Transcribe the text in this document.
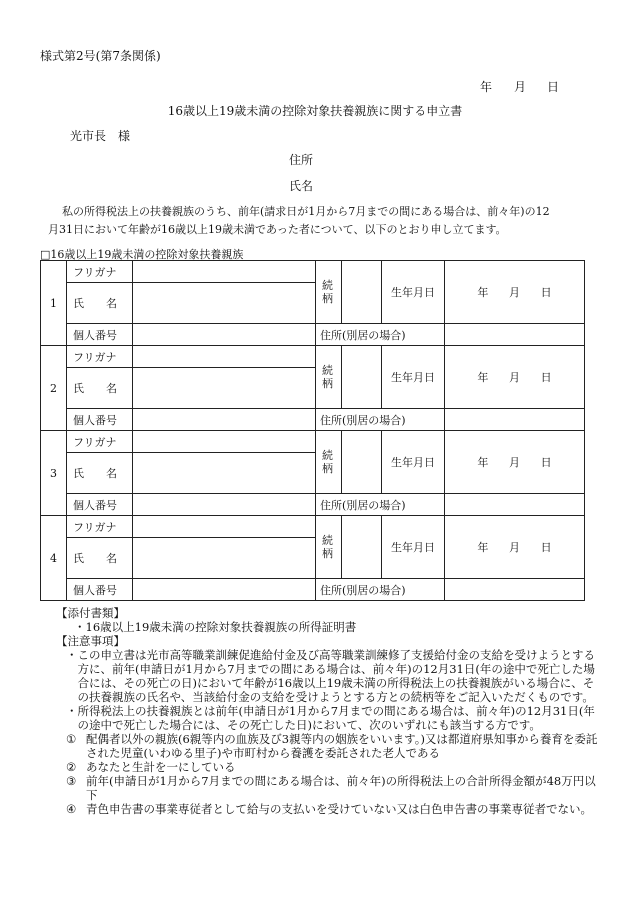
様式第2号(第7条関係)
年 月 日
16歳以上19歳未満の控除対象扶養親族に関する申立書
光市長　様
住所
氏名
私の所得税法上の扶養親族のうち、前年(請求日が1月から7月までの間にある場合は、前々年)の12
月31日において年齢が16歳以上19歳未満であった者について、以下のとおり申し立てます。
□16歳以上19歳未満の控除対象扶養親族
1	フリガナ		続柄		生年月日	年 月 日

	氏　　名					

	個人番号		住所(別居の場合)			
2	フリガナ		続柄		生年月日	年 月 日

	氏　　名					

	個人番号		住所(別居の場合)			
3	フリガナ		続柄		生年月日	年 月 日

	氏　　名					

	個人番号		住所(別居の場合)			
4	フリガナ		続柄		生年月日	年 月 日

	氏　　名					

	個人番号		住所(別居の場合)			
【添付書類】
・16歳以上19歳未満の控除対象扶養親族の所得証明書
【注意事項】
・ この申立書は光市高等職業訓練促進給付金及び高等職業訓練修了支援給付金の支給を受けようとする方に、前年(申請日が1月から7月までの間にある場合は、前々年)の12月31日(年の途中で死亡した場合には、その死亡の日)において年齢が16歳以上19歳未満の所得税法上の扶養親族がいる場合に、その扶養親族の氏名や、当該給付金の支給を受けようとする方との続柄等をご記入いただくものです。
・ 所得税法上の扶養親族とは前年(申請日が1月から7月までの間にある場合は、前々年)の12月31日(年の途中で死亡した場合には、その死亡した日)において、次のいずれにも該当する方です。
① 配偶者以外の親族(6親等内の血族及び3親等内の姻族をいいます。)又は都道府県知事から養育を委託された児童(いわゆる里子)や市町村から養護を委託された老人である
② あなたと生計を一にしている
③ 前年(申請日が1月から7月までの間にある場合は、前々年)の所得税法上の合計所得金額が48万円以下
④ 青色申告書の事業専従者として給与の支払いを受けていない又は白色申告書の事業専従者でない。
